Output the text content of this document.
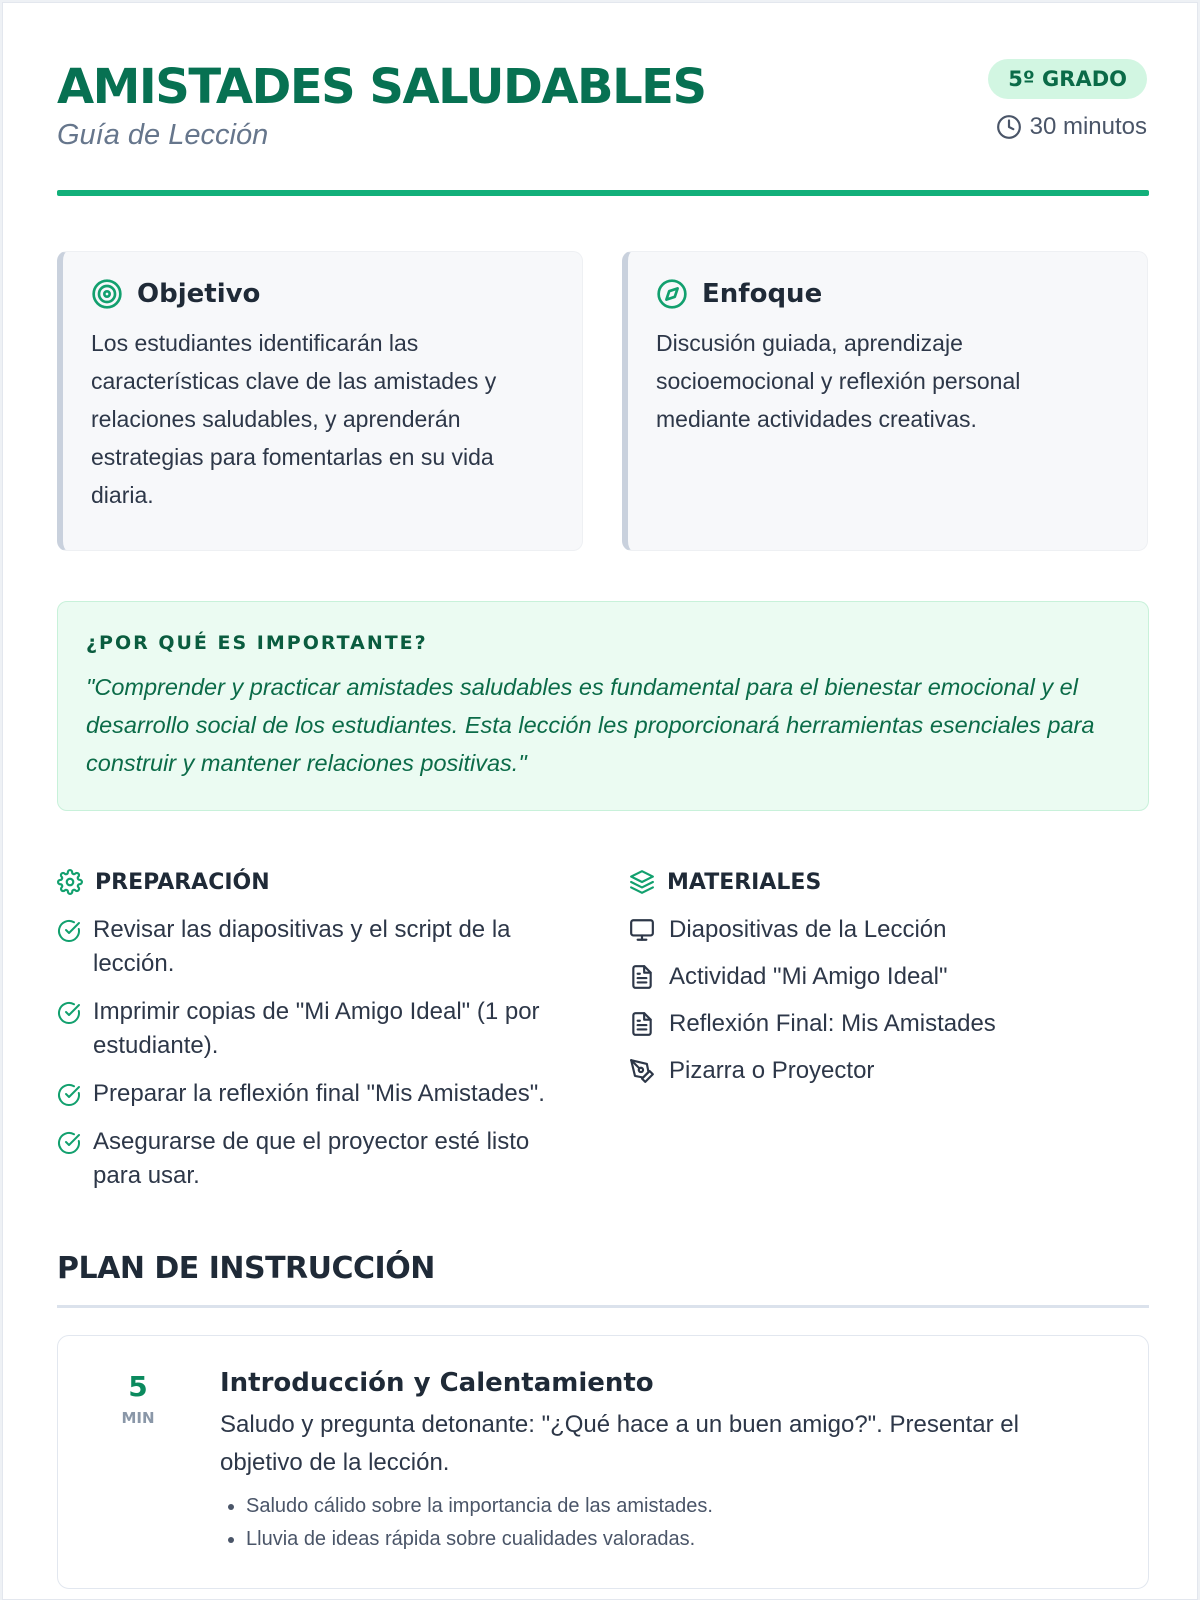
AMISTADES SALUDABLES
Guía de Lección
5º GRADO
30 minutos
Objetivo
Los estudiantes identificarán las características clave de las amistades y relaciones saludables, y aprenderán estrategias para fomentarlas en su vida diaria.
Enfoque
Discusión guiada, aprendizaje socioemocional y reflexión personal mediante actividades creativas.
¿POR QUÉ ES IMPORTANTE?
"Comprender y practicar amistades saludables es fundamental para el bienestar emocional y el desarrollo social de los estudiantes. Esta lección les proporcionará herramientas esenciales para construir y mantener relaciones positivas."
PREPARACIÓN
Revisar las diapositivas y el script de la lección.
Imprimir copias de "Mi Amigo Ideal" (1 por estudiante).
Preparar la reflexión final "Mis Amistades".
Asegurarse de que el proyector esté listo para usar.
MATERIALES
Diapositivas de la Lección
Actividad "Mi Amigo Ideal"
Reflexión Final: Mis Amistades
Pizarra o Proyector
PLAN DE INSTRUCCIÓN
5
MIN
Introducción y Calentamiento
Saludo y pregunta detonante: "¿Qué hace a un buen amigo?". Presentar el objetivo de la lección.
• Saludo cálido sobre la importancia de las amistades.
• Lluvia de ideas rápida sobre cualidades valoradas.
